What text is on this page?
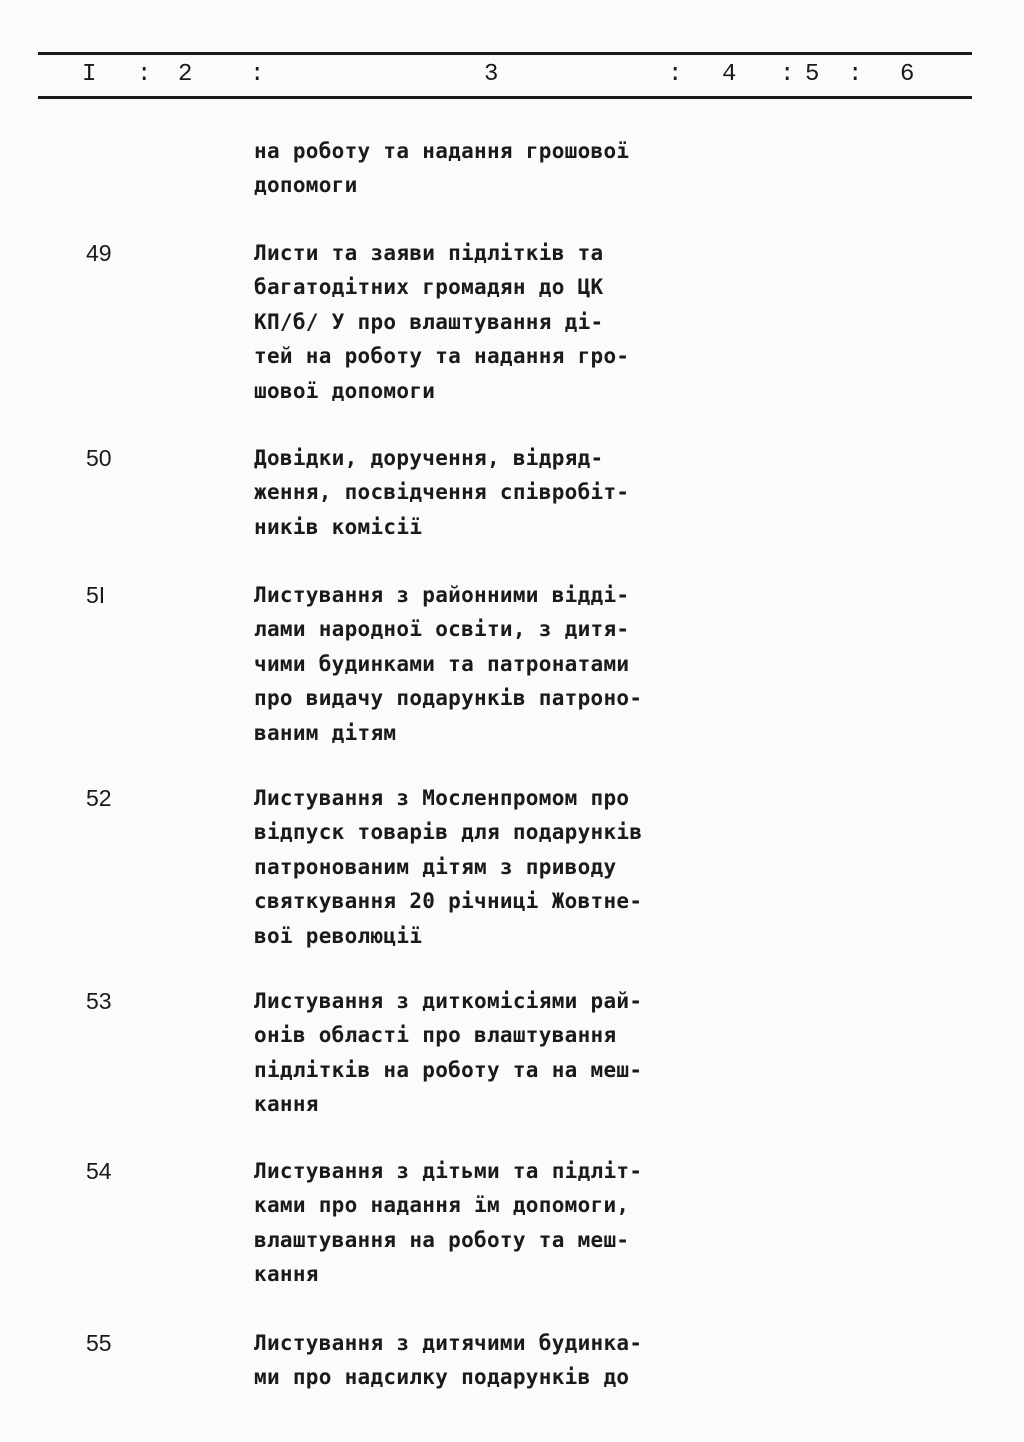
I : 2 :	3	: 4 : 5 : 6
на роботу та надання грошової
допомоги
49	Листи та заяви підлітків та
багатодітних громадян до ЦК
КП/б/ У про влаштування ді-
тей на роботу та надання гро-
шової допомоги
50	Довідки, доручення, відряд-
ження, посвідчення співробіт-
ників комісії
5I	Листування з районними відді-
лами народної освіти, з дитя-
чими будинками та патронатами
про видачу подарунків патроно-
ваним дітям
52	Листування з Мосленпромом про
відпуск товарів для подарунків
патронованим дітям з приводу
святкування 20 річниці Жовтне-
вої революції
53	Листування з диткомісіями рай-
онів області про влаштування
підлітків на роботу та на меш-
кання
54	Листування з дітьми та підліт-
ками про надання їм допомоги,
влаштування на роботу та меш-
кання
55	Листування з дитячими будинка-
ми про надсилку подарунків до
